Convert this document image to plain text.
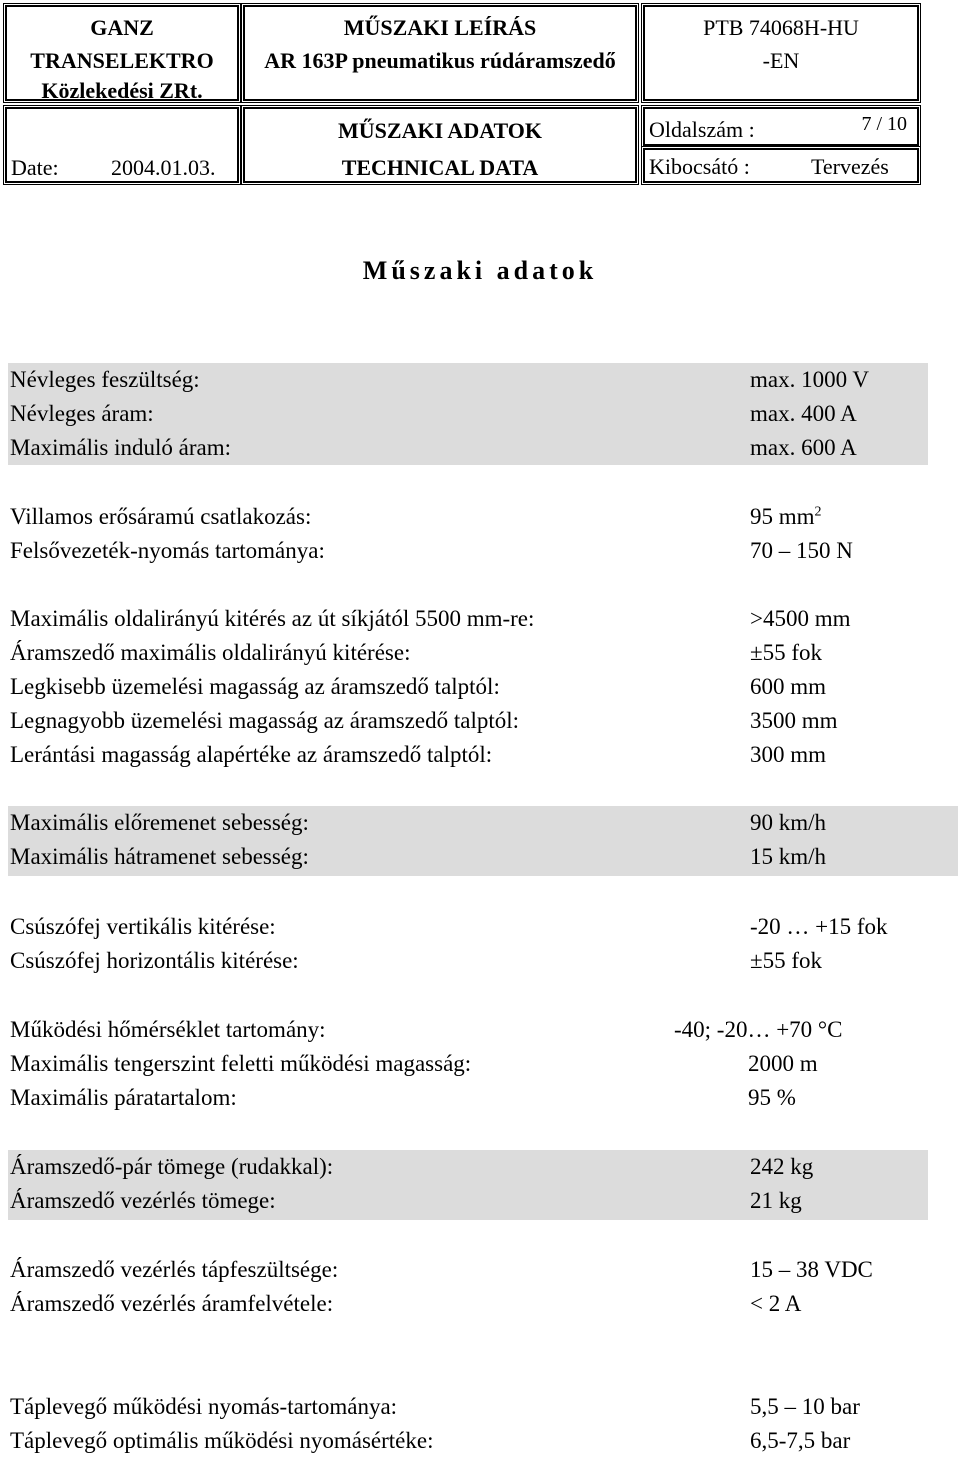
GANZ
TRANSELEKTRO
Közlekedési ZRt.
MŰSZAKI LEÍRÁS
AR 163P pneumatikus rúdáramszedő
PTB 74068H-HU
-EN
Date: 2004.01.03.
MŰSZAKI ADATOK
TECHNICAL DATA
Oldalszám :	7 / 10
Kibocsátó :	Tervezés
Műszaki adatok
Névleges feszültség:	max. 1000 V
Névleges áram:	max. 400 A
Maximális induló áram:	max. 600 A
Villamos erősáramú csatlakozás:	95 $mm^2$
Felsővezeték-nyomás tartománya:	70 – 150 N
Maximális oldalirányú kitérés az út síkjától 5500 mm-re:	>4500 mm
Áramszedő maximális oldalirányú kitérése:	±55 fok
Legkisebb üzemelési magasság az áramszedő talptól:	600 mm
Legnagyobb üzemelési magasság az áramszedő talptól:	3500 mm
Lerántási magasság alapértéke az áramszedő talptól:	300 mm
Maximális előremenet sebesség:	90 km/h
Maximális hátramenet sebesség:	15 km/h
Csúszófej vertikális kitérése:	-20 … +15 fok
Csúszófej horizontális kitérése:	±55 fok
Működési hőmérséklet tartomány:	-40; -20… +70 °C
Maximális tengerszint feletti működési magasság:	2000 m
Maximális páratartalom:	95 %
Áramszedő-pár tömege (rudakkal):	242 kg
Áramszedő vezérlés tömege:	21 kg
Áramszedő vezérlés tápfeszültsége:	15 – 38 VDC
Áramszedő vezérlés áramfelvétele:	< 2 A
Táplevegő működési nyomás-tartománya:	5,5 – 10 bar
Táplevegő optimális működési nyomásértéke:	6,5-7,5 bar
